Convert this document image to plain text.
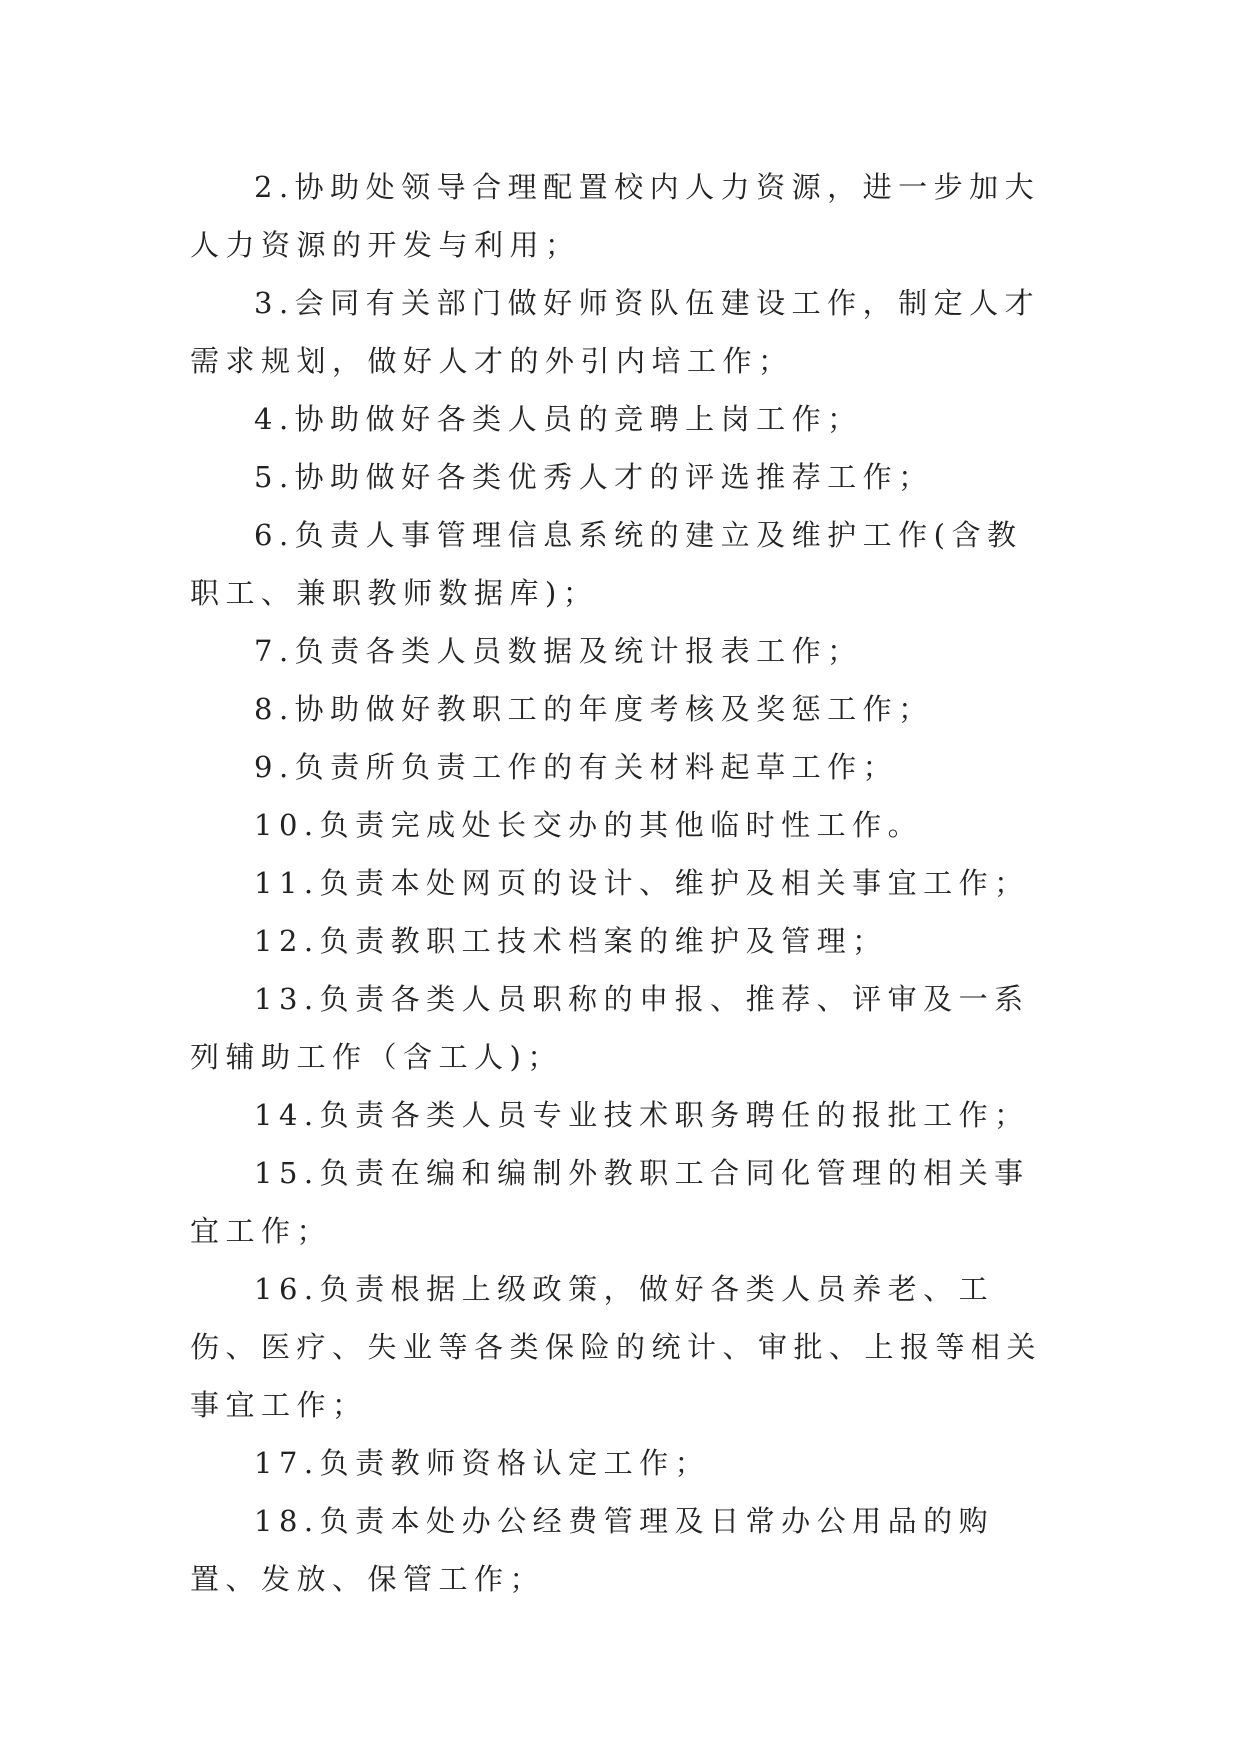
2.协助处领导合理配置校内人力资源，进一步加大人力资源的开发与利用；

3.会同有关部门做好师资队伍建设工作，制定人才需求规划，做好人才的外引内培工作；

4.协助做好各类人员的竞聘上岗工作；

5.协助做好各类优秀人才的评选推荐工作；

6.负责人事管理信息系统的建立及维护工作(含教职工、兼职教师数据库)；

7.负责各类人员数据及统计报表工作；

8.协助做好教职工的年度考核及奖惩工作；

9.负责所负责工作的有关材料起草工作；

10.负责完成处长交办的其他临时性工作。

11.负责本处网页的设计、维护及相关事宜工作；

12.负责教职工技术档案的维护及管理；

13.负责各类人员职称的申报、推荐、评审及一系列辅助工作（含工人)；

14.负责各类人员专业技术职务聘任的报批工作；

15.负责在编和编制外教职工合同化管理的相关事宜工作；

16.负责根据上级政策，做好各类人员养老、工伤、医疗、失业等各类保险的统计、审批、上报等相关事宜工作；

17.负责教师资格认定工作；

18.负责本处办公经费管理及日常办公用品的购置、发放、保管工作；
